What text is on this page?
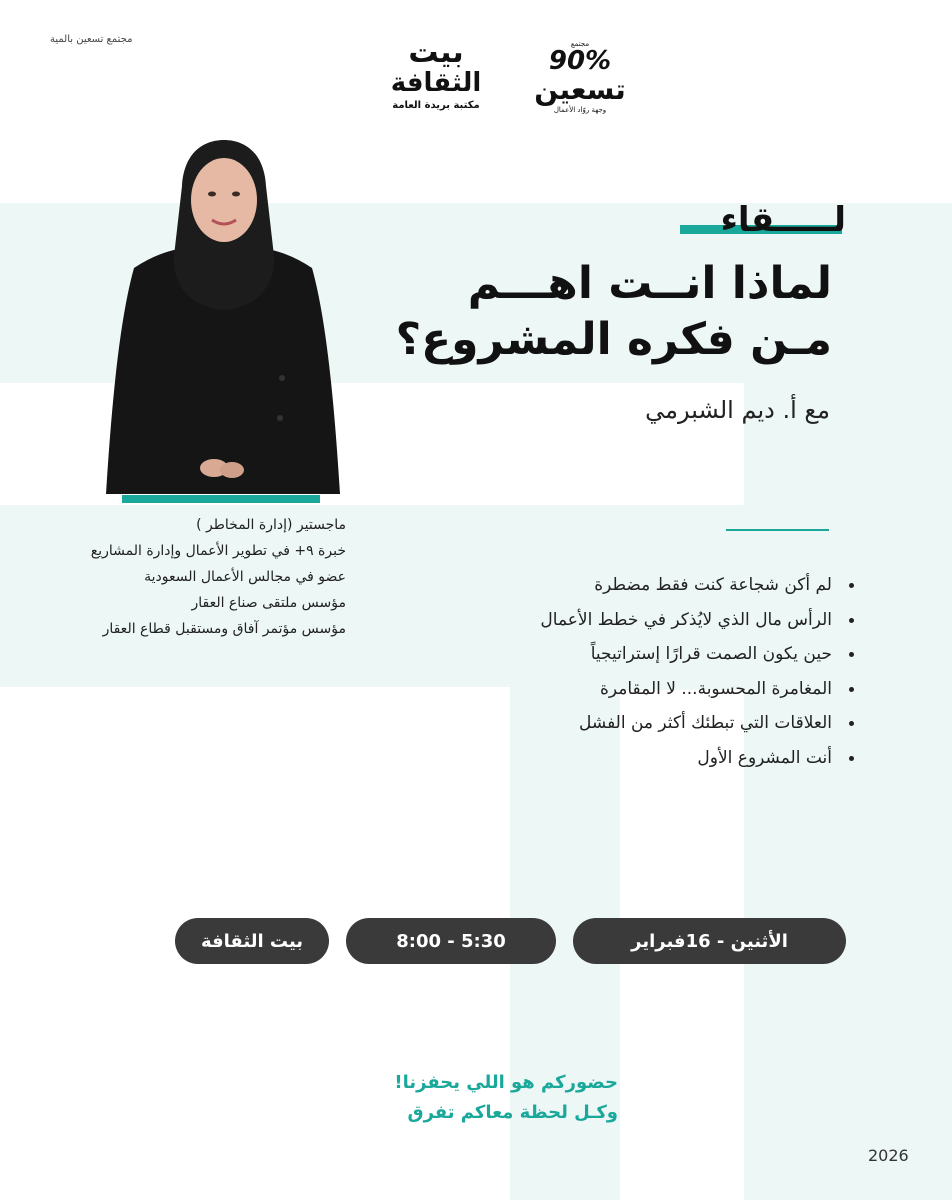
مجتمع تسعين بالمية	بيت
الثقافة
مكتبة بريدة العامة
مجتمع
90%
تسعين
وجهة روّاد الأعمال
لـــــقاء
لماذا انــت اهـــم
مـن فكره المشروع؟
مع أ. ديم الشبرمي
ماجستير (إدارة المخاطر )
خبرة ٩+ في تطوير الأعمال وإدارة المشاريع
عضو في مجالس الأعمال السعودية
مؤسس ملتقى صناع العقار
مؤسس مؤتمر آفاق ومستقبل قطاع العقار
لم أكن شجاعة كنت فقط مضطرة
الرأس مال الذي لايُذكر في خطط الأعمال
حين يكون الصمت قرارًا إستراتيجياً
المغامرة المحسوبة... لا المقامرة
العلاقات التي تبطئك أكثر من الفشل
أنت المشروع الأول
الأثنين - 16فبراير
5:30 - 8:00
بيت الثقافة
حضوركم هو اللي يحفزنا!
وكـل لحظة معاكم تفرق
2026
